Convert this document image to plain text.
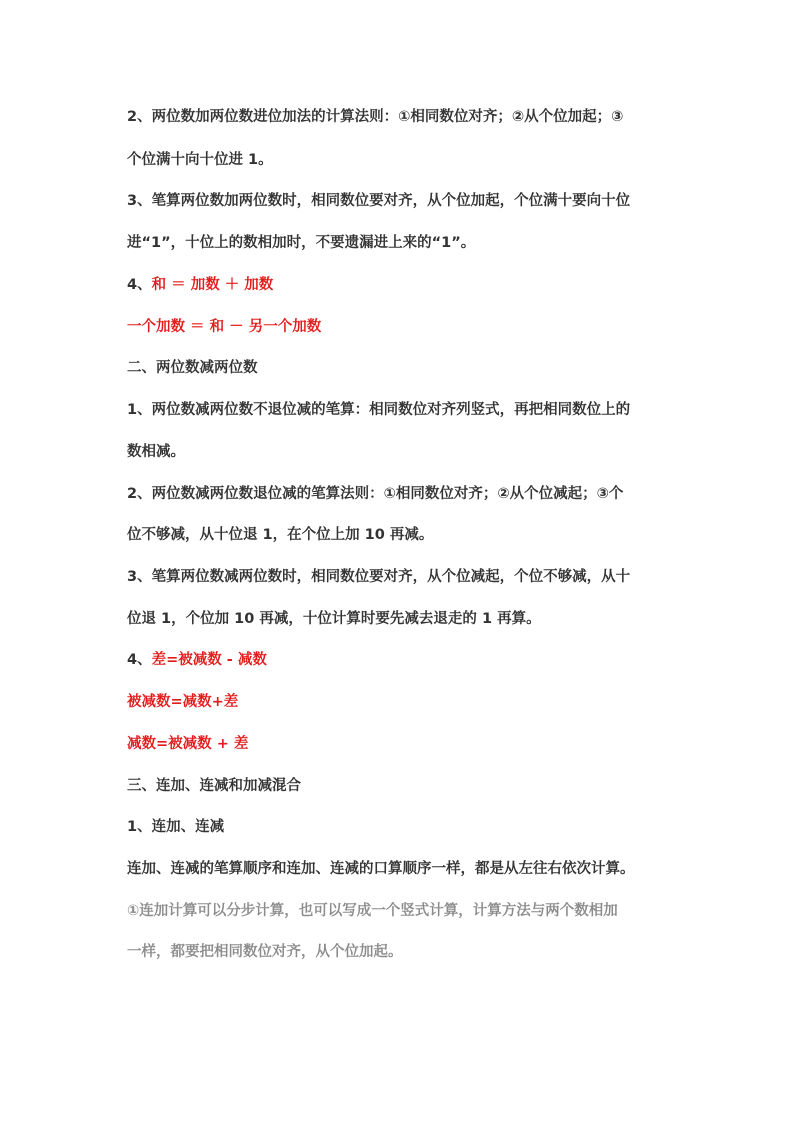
2、两位数加两位数进位加法的计算法则：①相同数位对齐；②从个位加起；③
个位满十向十位进 1。
3、笔算两位数加两位数时，相同数位要对齐，从个位加起，个位满十要向十位
进“1”，十位上的数相加时，不要遗漏进上来的“1”。
4、和 ＝ 加数 ＋ 加数
一个加数 ＝ 和 － 另一个加数
二、两位数减两位数
1、两位数减两位数不退位减的笔算：相同数位对齐列竖式，再把相同数位上的
数相减。
2、两位数减两位数退位减的笔算法则：①相同数位对齐；②从个位减起；③个
位不够减，从十位退 1，在个位上加 10 再减。
3、笔算两位数减两位数时，相同数位要对齐，从个位减起，个位不够减，从十
位退 1，个位加 10 再减，十位计算时要先减去退走的 1 再算。
4、差=被减数 - 减数
被减数=减数+差
减数=被减数 + 差
三、连加、连减和加减混合
1、连加、连减
连加、连减的笔算顺序和连加、连减的口算顺序一样，都是从左往右依次计算。
①连加计算可以分步计算，也可以写成一个竖式计算，计算方法与两个数相加
一样，都要把相同数位对齐，从个位加起。
